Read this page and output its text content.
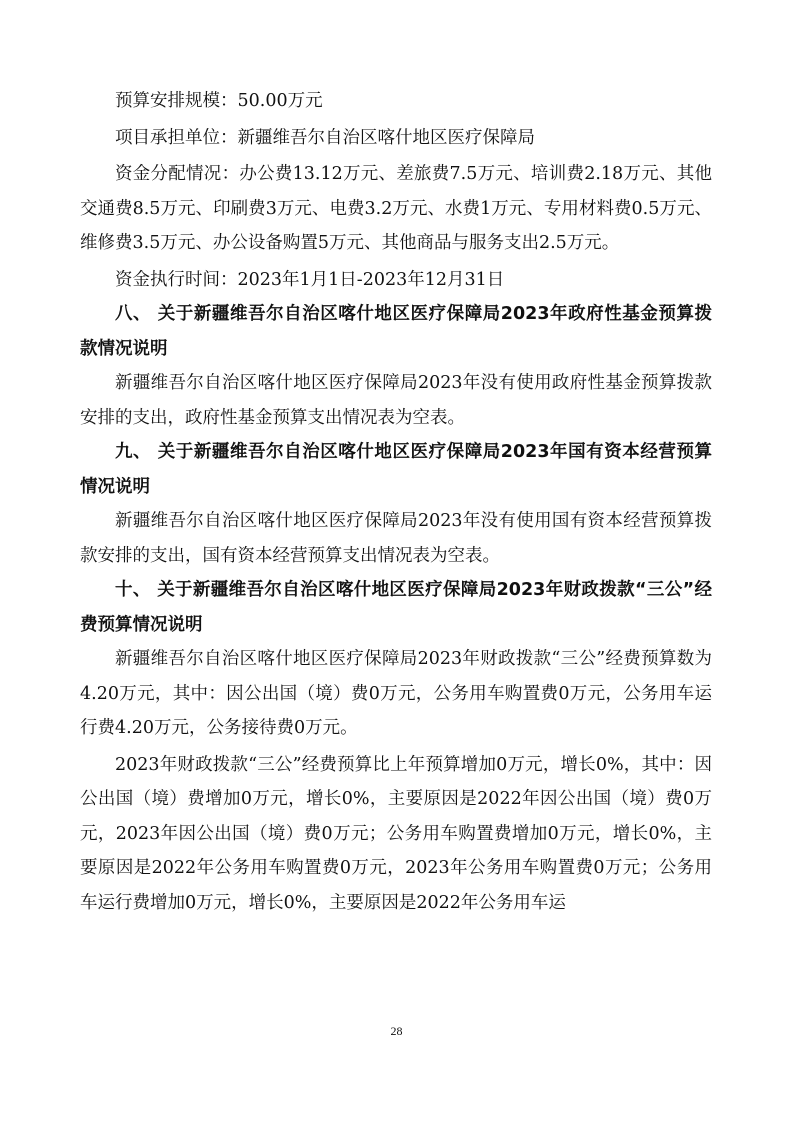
预算安排规模：50.00万元

项目承担单位：新疆维吾尔自治区喀什地区医疗保障局

资金分配情况：办公费13.12万元、差旅费7.5万元、培训费2.18万元、其他交通费8.5万元、印刷费3万元、电费3.2万元、水费1万元、专用材料费0.5万元、维修费3.5万元、办公设备购置5万元、其他商品与服务支出2.5万元。

资金执行时间：2023年1月1日-2023年12月31日

八、 关于新疆维吾尔自治区喀什地区医疗保障局2023年政府性基金预算拨款情况说明

新疆维吾尔自治区喀什地区医疗保障局2023年没有使用政府性基金预算拨款安排的支出，政府性基金预算支出情况表为空表。

九、 关于新疆维吾尔自治区喀什地区医疗保障局2023年国有资本经营预算情况说明

新疆维吾尔自治区喀什地区医疗保障局2023年没有使用国有资本经营预算拨款安排的支出，国有资本经营预算支出情况表为空表。

十、 关于新疆维吾尔自治区喀什地区医疗保障局2023年财政拨款“三公”经费预算情况说明

新疆维吾尔自治区喀什地区医疗保障局2023年财政拨款“三公”经费预算数为4.20万元，其中：因公出国（境）费0万元，公务用车购置费0万元，公务用车运行费4.20万元，公务接待费0万元。

2023年财政拨款“三公”经费预算比上年预算增加0万元，增长0%，其中：因公出国（境）费增加0万元，增长0%，主要原因是2022年因公出国（境）费0万元，2023年因公出国（境）费0万元；公务用车购置费增加0万元，增长0%，主要原因是2022年公务用车购置费0万元，2023年公务用车购置费0万元；公务用车运行费增加0万元，增长0%，主要原因是2022年公务用车运

28
